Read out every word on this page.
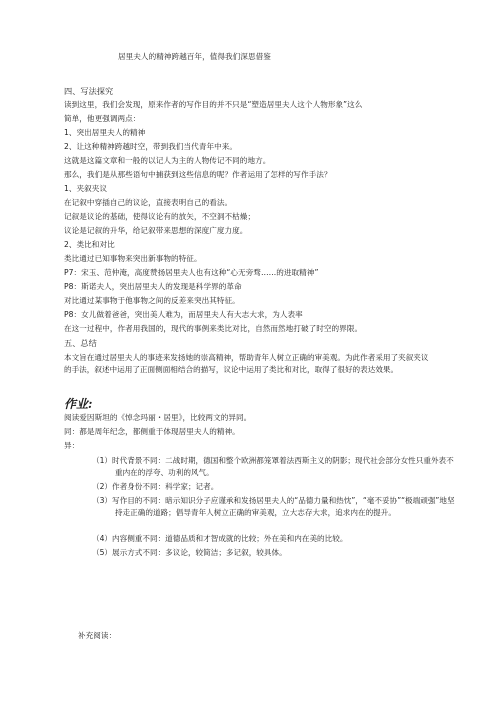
居里夫人的精神跨越百年，值得我们深思借鉴
四、写法探究
读到这里，我们会发现，原来作者的写作目的并不只是“塑造居里夫人这个人物形象”这么
简单，他更强调两点：
1、突出居里夫人的精神
2、让这种精神跨越时空，带到我们当代青年中来。
这就是这篇文章和一般的以记人为主的人物传记不同的地方。
那么，我们是从那些语句中捕获到这些信息的呢？作者运用了怎样的写作手法？
1、夹叙夹议
在记叙中穿插自己的议论，直接表明自己的看法。
记叙是议论的基础，使得议论有的放矢，不空洞不枯燥；
议论是记叙的升华，给记叙带来思想的深度广度力度。
2、类比和对比
类比通过已知事物来突出新事物的特征。
P7：宋玉、范仲淹，高度赞扬居里夫人也有这种“心无旁骛……的进取精神”
P8：斯诺夫人，突出居里夫人的发现是科学界的革命
对比通过某事物于他事物之间的反差来突出其特征。
P8：女儿做着爸爸，突出美人难为，而居里夫人有大志大求，为人表率
在这一过程中，作者用我国的，现代的事例来类比对比，自然而然地打破了时空的界限。
五、总结
本文旨在通过居里夫人的事迹来发扬她的崇高精神，帮助青年人树立正确的审美观。为此作者采用了夹叙夹议的手法，叙述中运用了正面侧面相结合的描写，议论中运用了类比和对比，取得了很好的表达效果。
作业:
阅读爱因斯坦的《悼念玛丽・居里》，比较两文的异同。
同：都是周年纪念，都侧重于体现居里夫人的精神。
异：
（1）时代背景不同：二战时期，德国和整个欧洲都笼罩着法西斯主义的阴影；现代社会部分女性只重外表不重内在的浮夸、功利的风气。
（2）作者身份不同：科学家；记者。
（3）写作目的不同：暗示知识分子应谨承和发扬居里夫人的“品德力量和热忱”，“毫不妥协”“极端顽强”地坚持走正确的道路；倡导青年人树立正确的审美观，立大志存大求，追求内在的提升。
（4）内容侧重不同：道德品质和才智成就的比较；外在美和内在美的比较。
（5）展示方式不同：多议论，较简洁；多记叙，较具体。
补充阅读：
